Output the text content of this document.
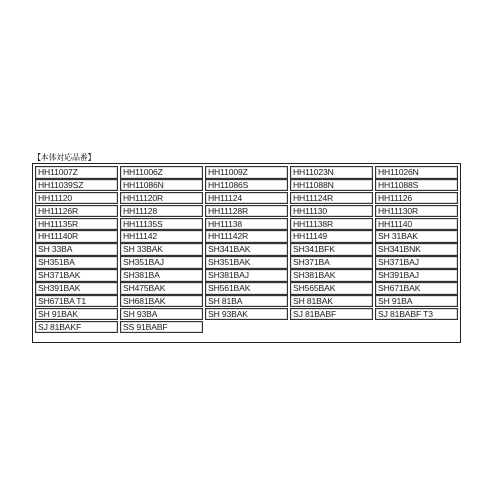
【本体対応品番】
HH11007Z	HH11006Z	HH11009Z	HH11023N	HH11026N
HH11039SZ	HH11086N	HH11086S	HH11088N	HH11088S
HH11120	HH11120R	HH11124	HH11124R	HH11126
HH11126R	HH11128	HH11128R	HH11130	HH11130R
HH11135R	HH11135S	HH11138	HH11138R	HH11140
HH11140R	HH11142	HH11142R	HH11149	SH 31BAK
SH 33BA	SH 33BAK	SH341BAK	SH341BFK	SH341BNK
SH351BA	SH351BAJ	SH351BAK	SH371BA	SH371BAJ
SH371BAK	SH381BA	SH381BAJ	SH381BAK	SH391BAJ
SH391BAK	SH475BAK	SH561BAK	SH565BAK	SH671BAK
SH671BA T1	SH681BAK	SH 81BA	SH 81BAK	SH 91BA
SH 91BAK	SH 93BA	SH 93BAK	SJ 81BABF	SJ 81BABF T3
SJ 81BAKF	SS 91BABF
